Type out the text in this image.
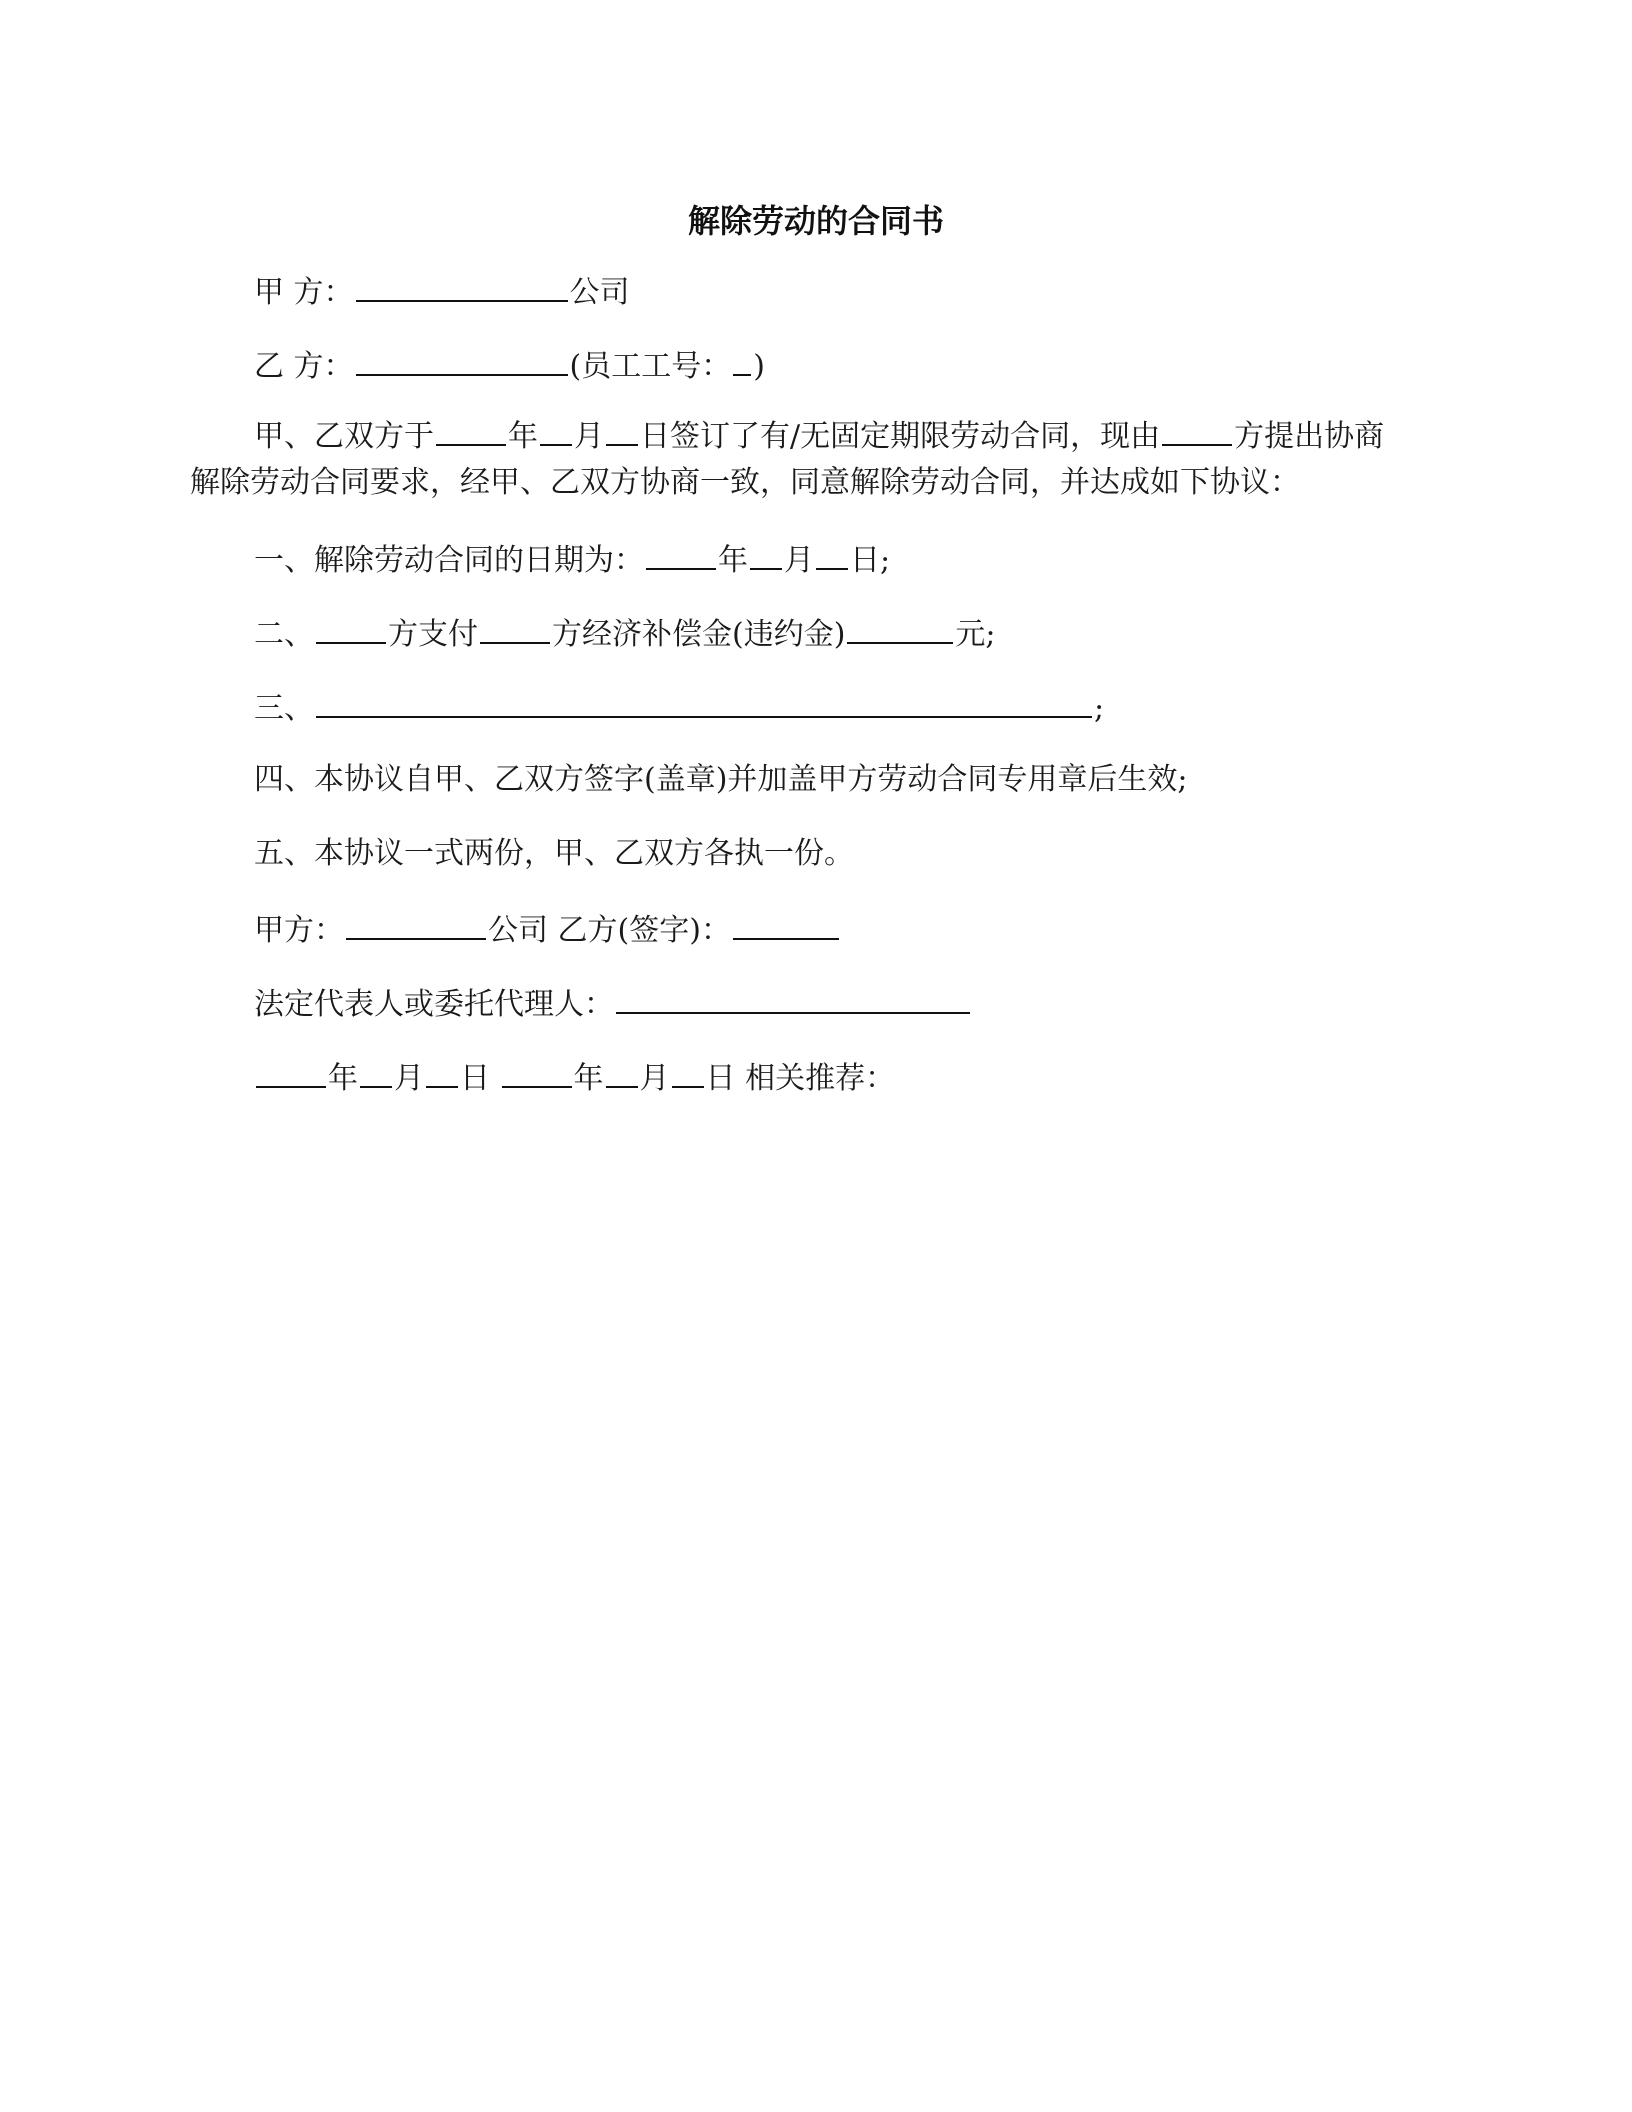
解除劳动的合同书
甲 方：	公司
乙 方：	(员工工号： )
甲、乙双方于 年 月 日签订了有/无固定期限劳动合同，现由 方提出协商
解除劳动合同要求，经甲、乙双方协商一致，同意解除劳动合同，并达成如下协议：
一、解除劳动合同的日期为： 年 月 日;
二、 方支付 方经济补偿金(违约金)	元;
三、	;
四、本协议自甲、乙双方签字(盖章)并加盖甲方劳动合同专用章后生效;
五、本协议一式两份，甲、乙双方各执一份。
甲方：	公司 乙方(签字)：
法定代表人或委托代理人：
年 月 日	年 月 日 相关推荐：
